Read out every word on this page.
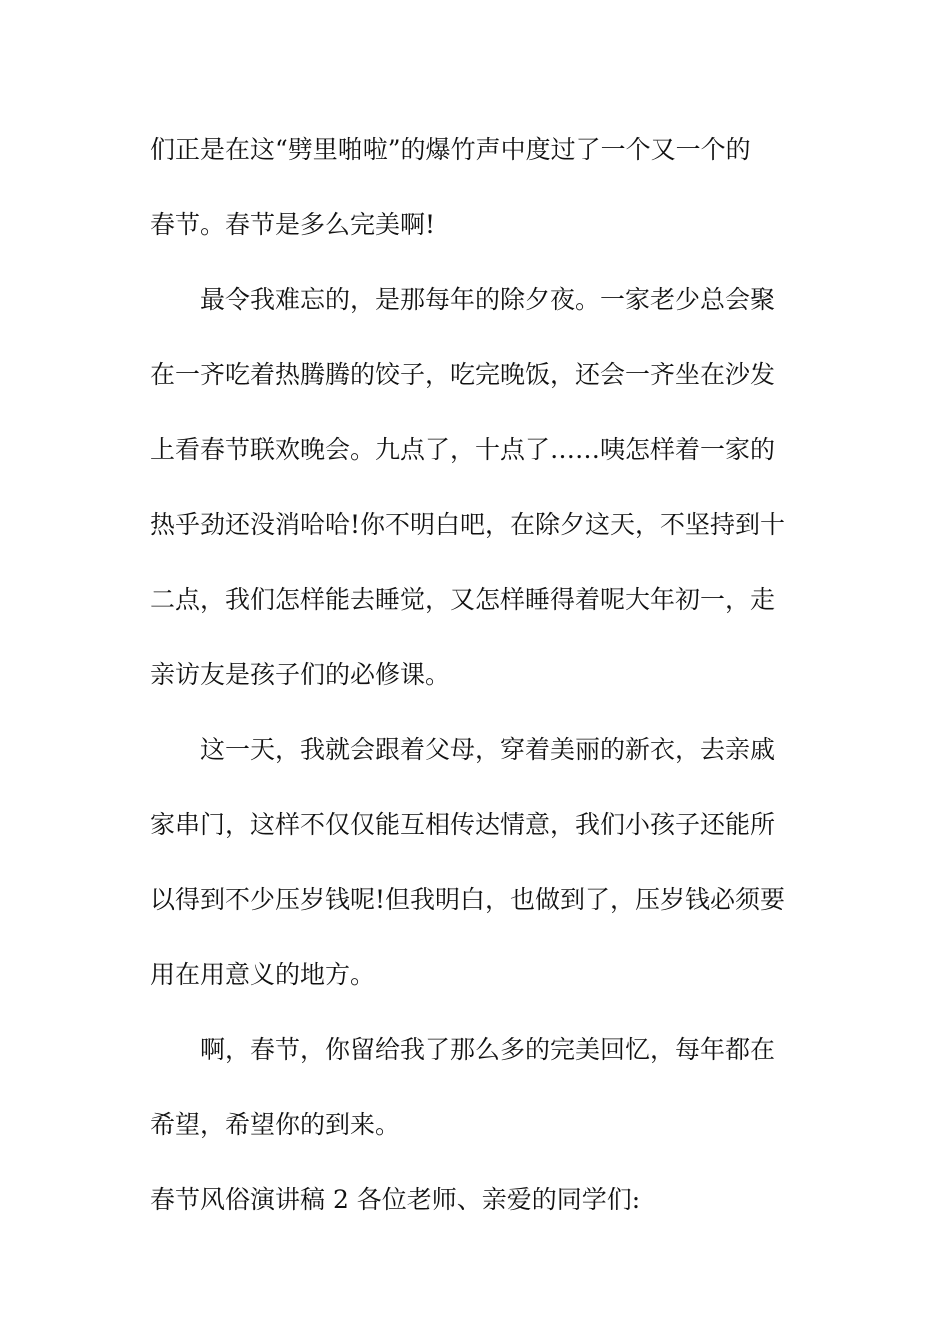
们正是在这“劈里啪啦”的爆竹声中度过了一个又一个的
春节。春节是多么完美啊!
最令我难忘的，是那每年的除夕夜。一家老少总会聚
在一齐吃着热腾腾的饺子，吃完晚饭，还会一齐坐在沙发
上看春节联欢晚会。九点了，十点了……咦怎样着一家的
热乎劲还没消哈哈!你不明白吧，在除夕这天，不坚持到十
二点，我们怎样能去睡觉，又怎样睡得着呢大年初一，走
亲访友是孩子们的必修课。
这一天，我就会跟着父母，穿着美丽的新衣，去亲戚
家串门，这样不仅仅能互相传达情意，我们小孩子还能所
以得到不少压岁钱呢!但我明白，也做到了，压岁钱必须要
用在用意义的地方。
啊，春节，你留给我了那么多的完美回忆，每年都在
希望，希望你的到来。
春节风俗演讲稿 2 各位老师、亲爱的同学们:
